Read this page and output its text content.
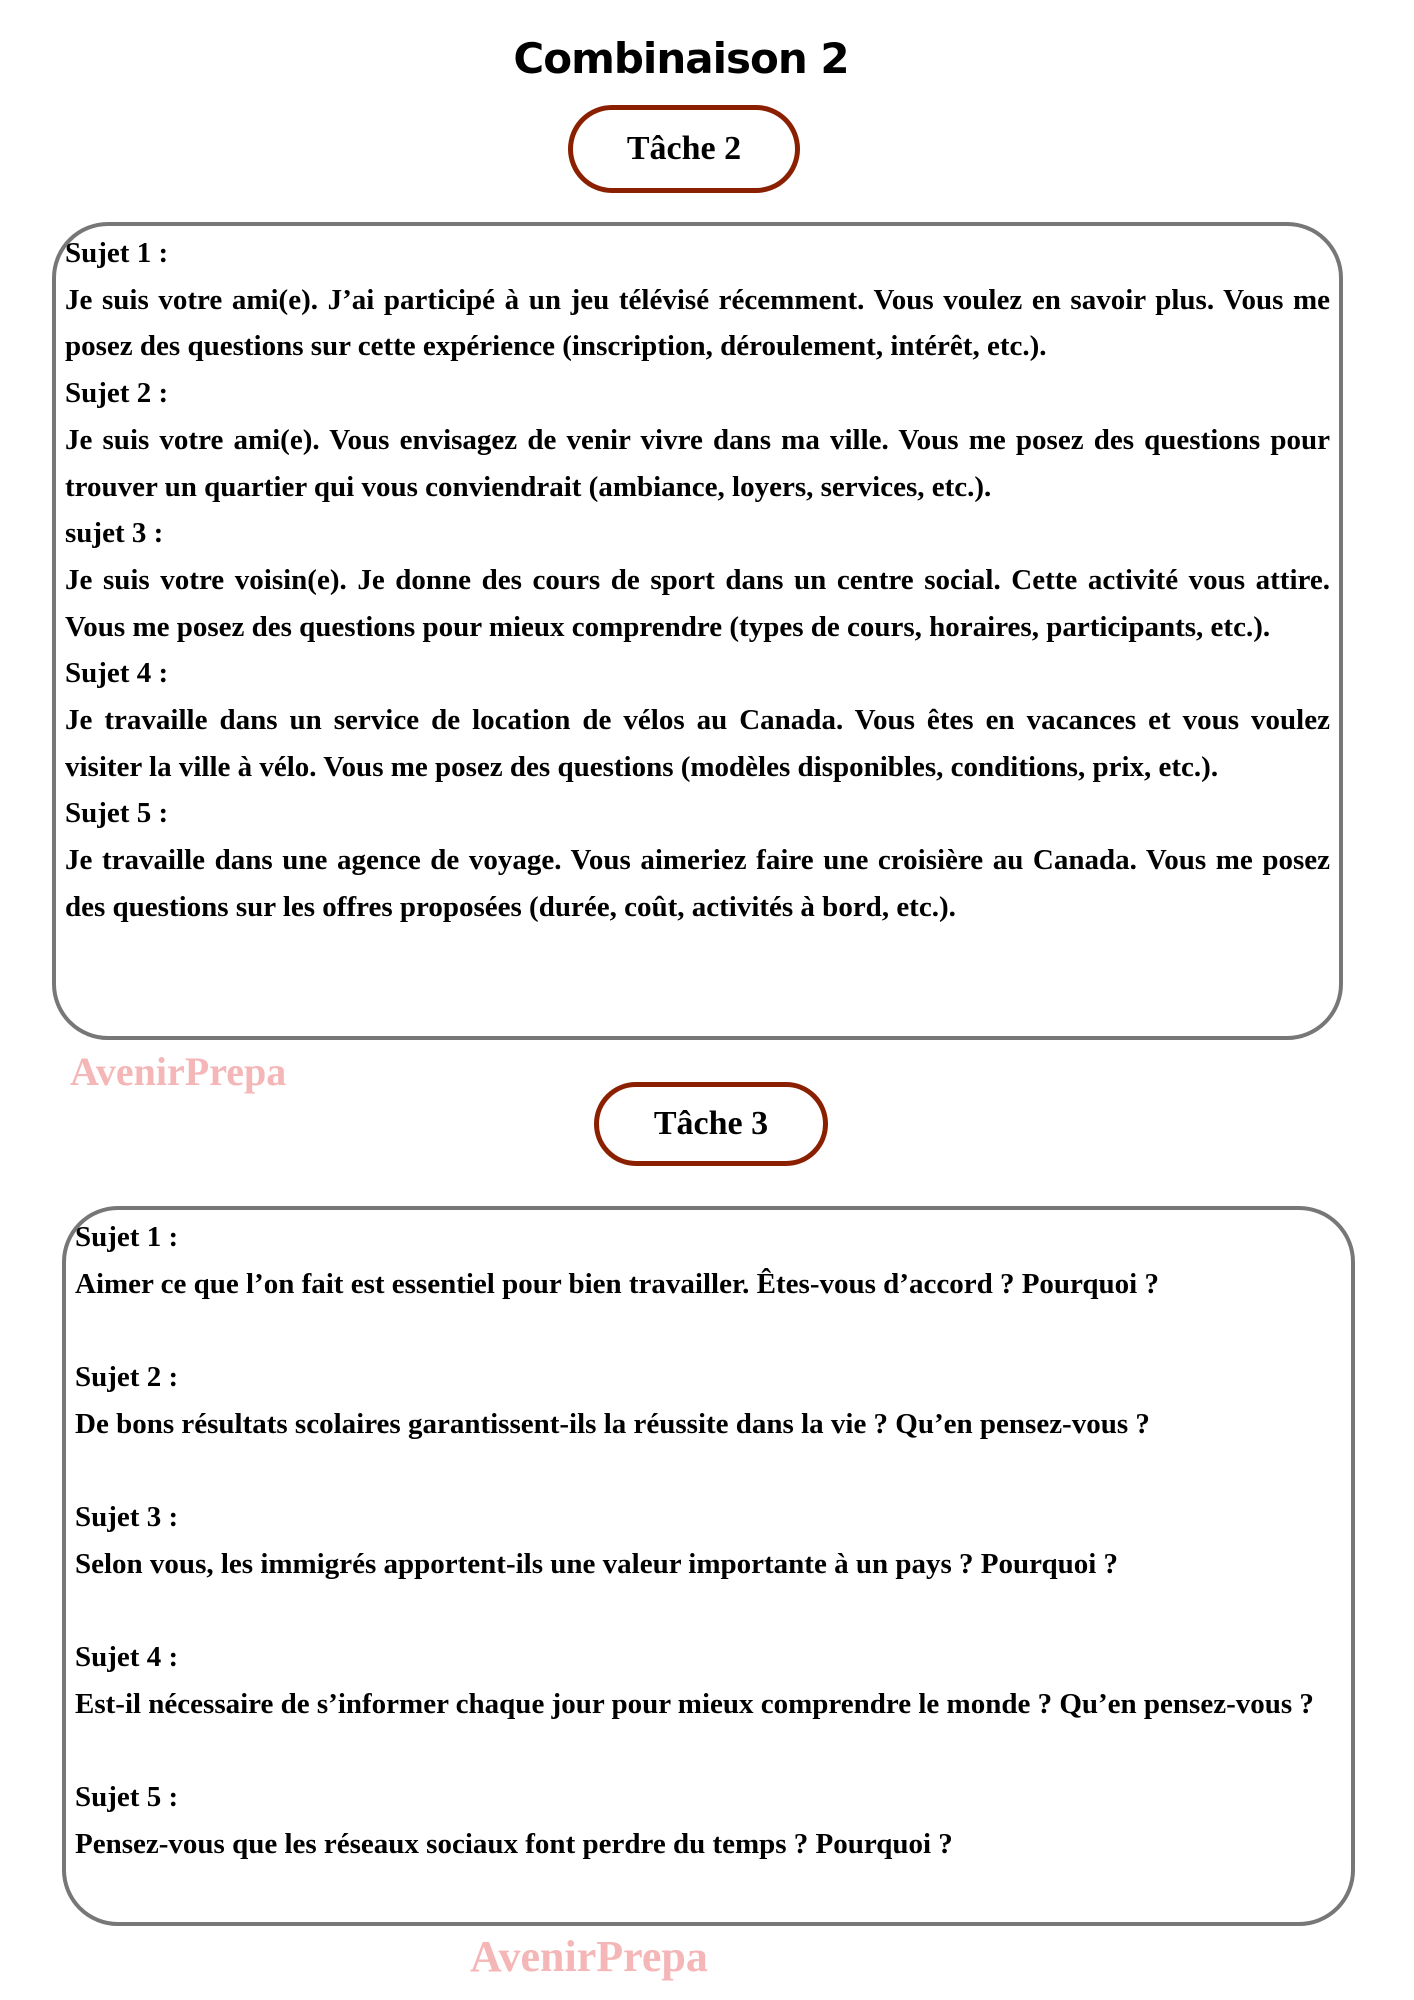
Combinaison 2
Tâche 2

Sujet 1 :

Je suis votre ami(e). J’ai participé à un jeu télévisé récemment. Vous voulez en savoir plus. Vous me posez des questions sur cette expérience (inscription, déroulement, intérêt, etc.).

Sujet 2 :

Je suis votre ami(e). Vous envisagez de venir vivre dans ma ville. Vous me posez des questions pour trouver un quartier qui vous conviendrait (ambiance, loyers, services, etc.).

sujet 3 :

Je suis votre voisin(e). Je donne des cours de sport dans un centre social. Cette activité vous attire. Vous me posez des questions pour mieux comprendre (types de cours, horaires, participants, etc.).

Sujet 4 :

Je travaille dans un service de location de vélos au Canada. Vous êtes en vacances et vous voulez visiter la ville à vélo. Vous me posez des questions (modèles disponibles, conditions, prix, etc.).

Sujet 5 :

Je travaille dans une agence de voyage. Vous aimeriez faire une croisière au Canada. Vous me posez des questions sur les offres proposées (durée, coût, activités à bord, etc.).

AvenirPrepa
Tâche 3

Sujet 1 :

Aimer ce que l’on fait est essentiel pour bien travailler. Êtes-vous d’accord ? Pourquoi ?

Sujet 2 :

De bons résultats scolaires garantissent-ils la réussite dans la vie ? Qu’en pensez-vous ?

Sujet 3 :

Selon vous, les immigrés apportent-ils une valeur importante à un pays ? Pourquoi ?

Sujet 4 :

Est-il nécessaire de s’informer chaque jour pour mieux comprendre le monde ? Qu’en pensez-vous ?

Sujet 5 :

Pensez-vous que les réseaux sociaux font perdre du temps ? Pourquoi ?

AvenirPrepa
